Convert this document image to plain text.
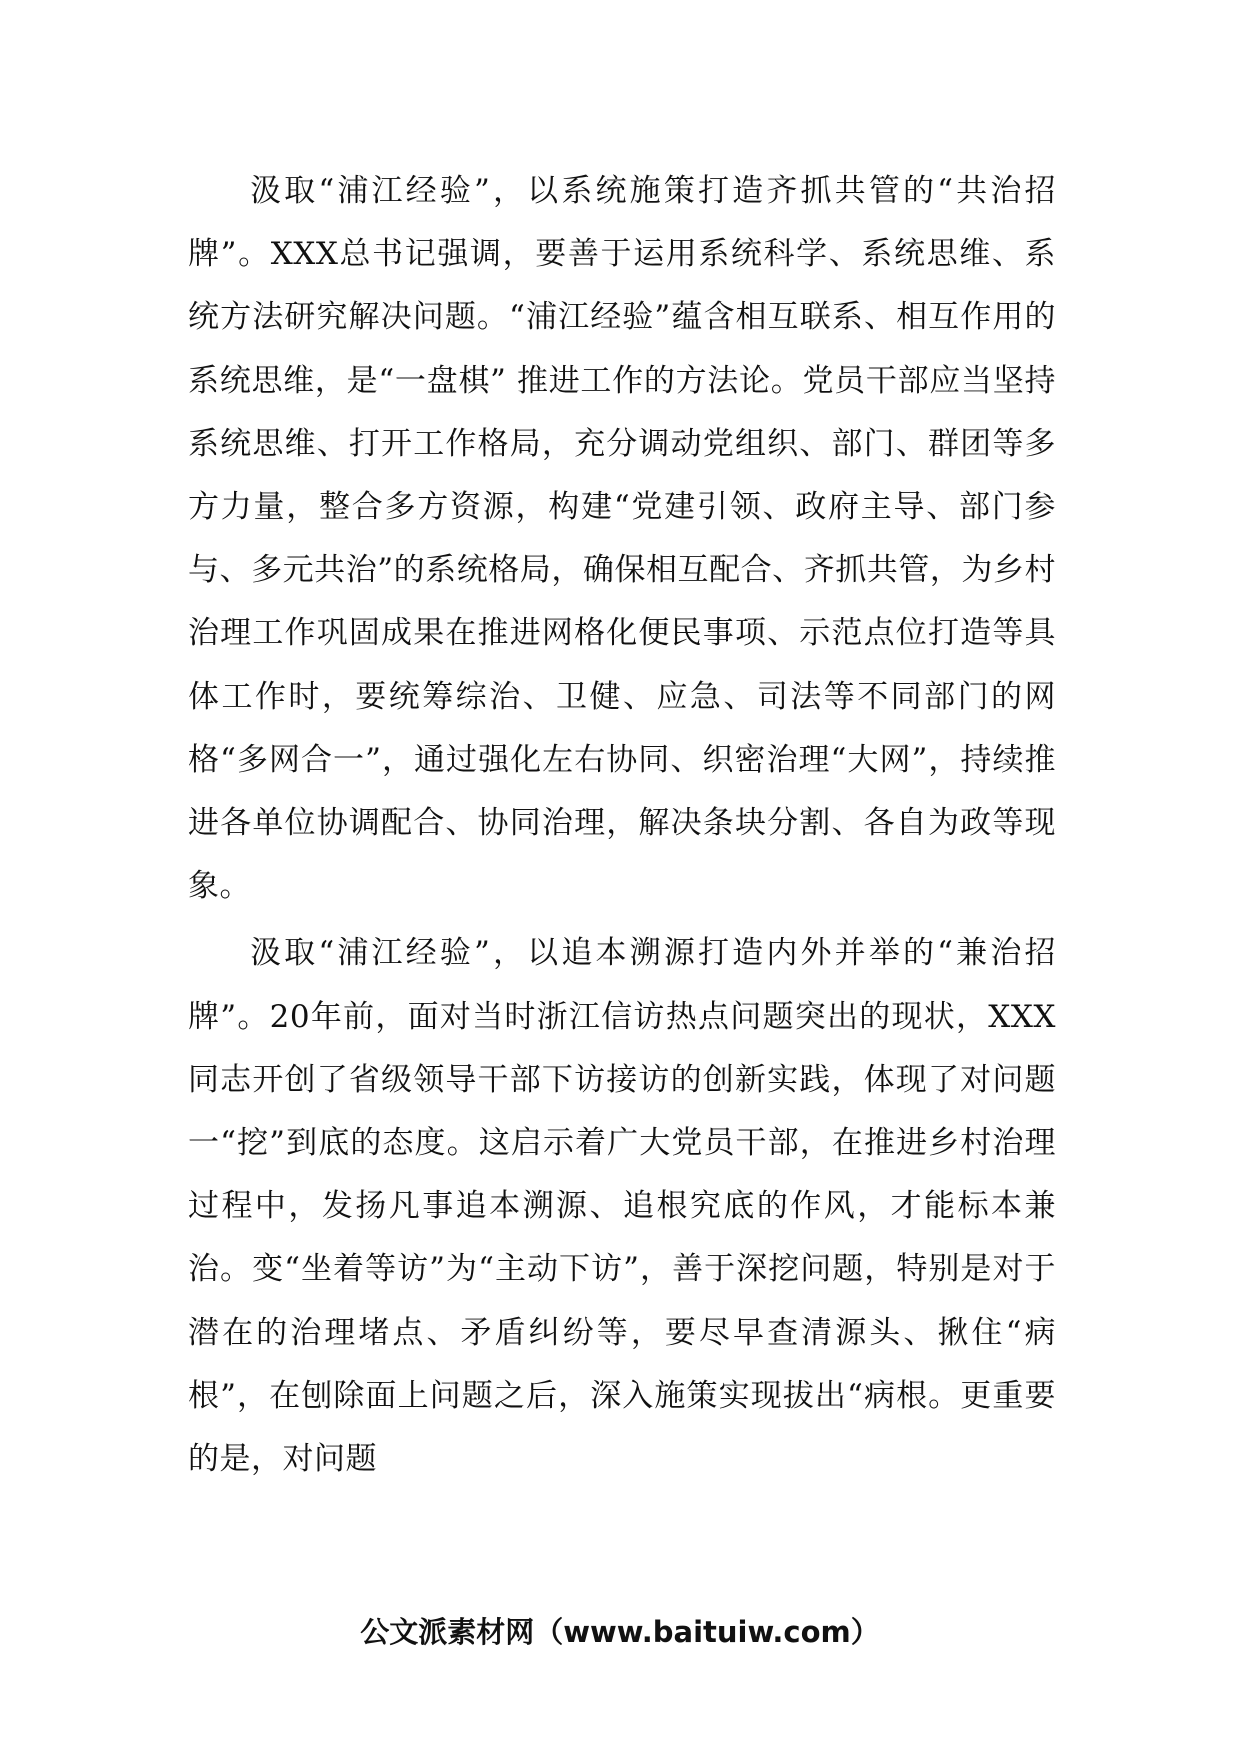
汲取“浦江经验”，以系统施策打造齐抓共管的“共治招牌”。XXX总书记强调，要善于运用系统科学、系统思维、系统方法研究解决问题。“浦江经验”蕴含相互联系、相互作用的系统思维，是“一盘棋” 推进工作的方法论。党员干部应当坚持系统思维、打开工作格局，充分调动党组织、部门、群团等多方力量，整合多方资源，构建“党建引领、政府主导、部门参与、多元共治”的系统格局，确保相互配合、齐抓共管，为乡村治理工作巩固成果在推进网格化便民事项、示范点位打造等具体工作时，要统筹综治、卫健、应急、司法等不同部门的网格“多网合一”，通过强化左右协同、织密治理“大网”，持续推进各单位协调配合、协同治理，解决条块分割、各自为政等现象。

汲取“浦江经验”，以追本溯源打造内外并举的“兼治招牌”。20年前，面对当时浙江信访热点问题突出的现状，XXX同志开创了省级领导干部下访接访的创新实践，体现了对问题一“挖”到底的态度。这启示着广大党员干部，在推进乡村治理过程中，发扬凡事追本溯源、追根究底的作风，才能标本兼治。变“坐着等访”为“主动下访”，善于深挖问题，特别是对于潜在的治理堵点、矛盾纠纷等，要尽早查清源头、揪住“病根”，在刨除面上问题之后，深入施策实现拔出“病根。更重要的是，对问题

公文派素材网（www.baituiw.com）
